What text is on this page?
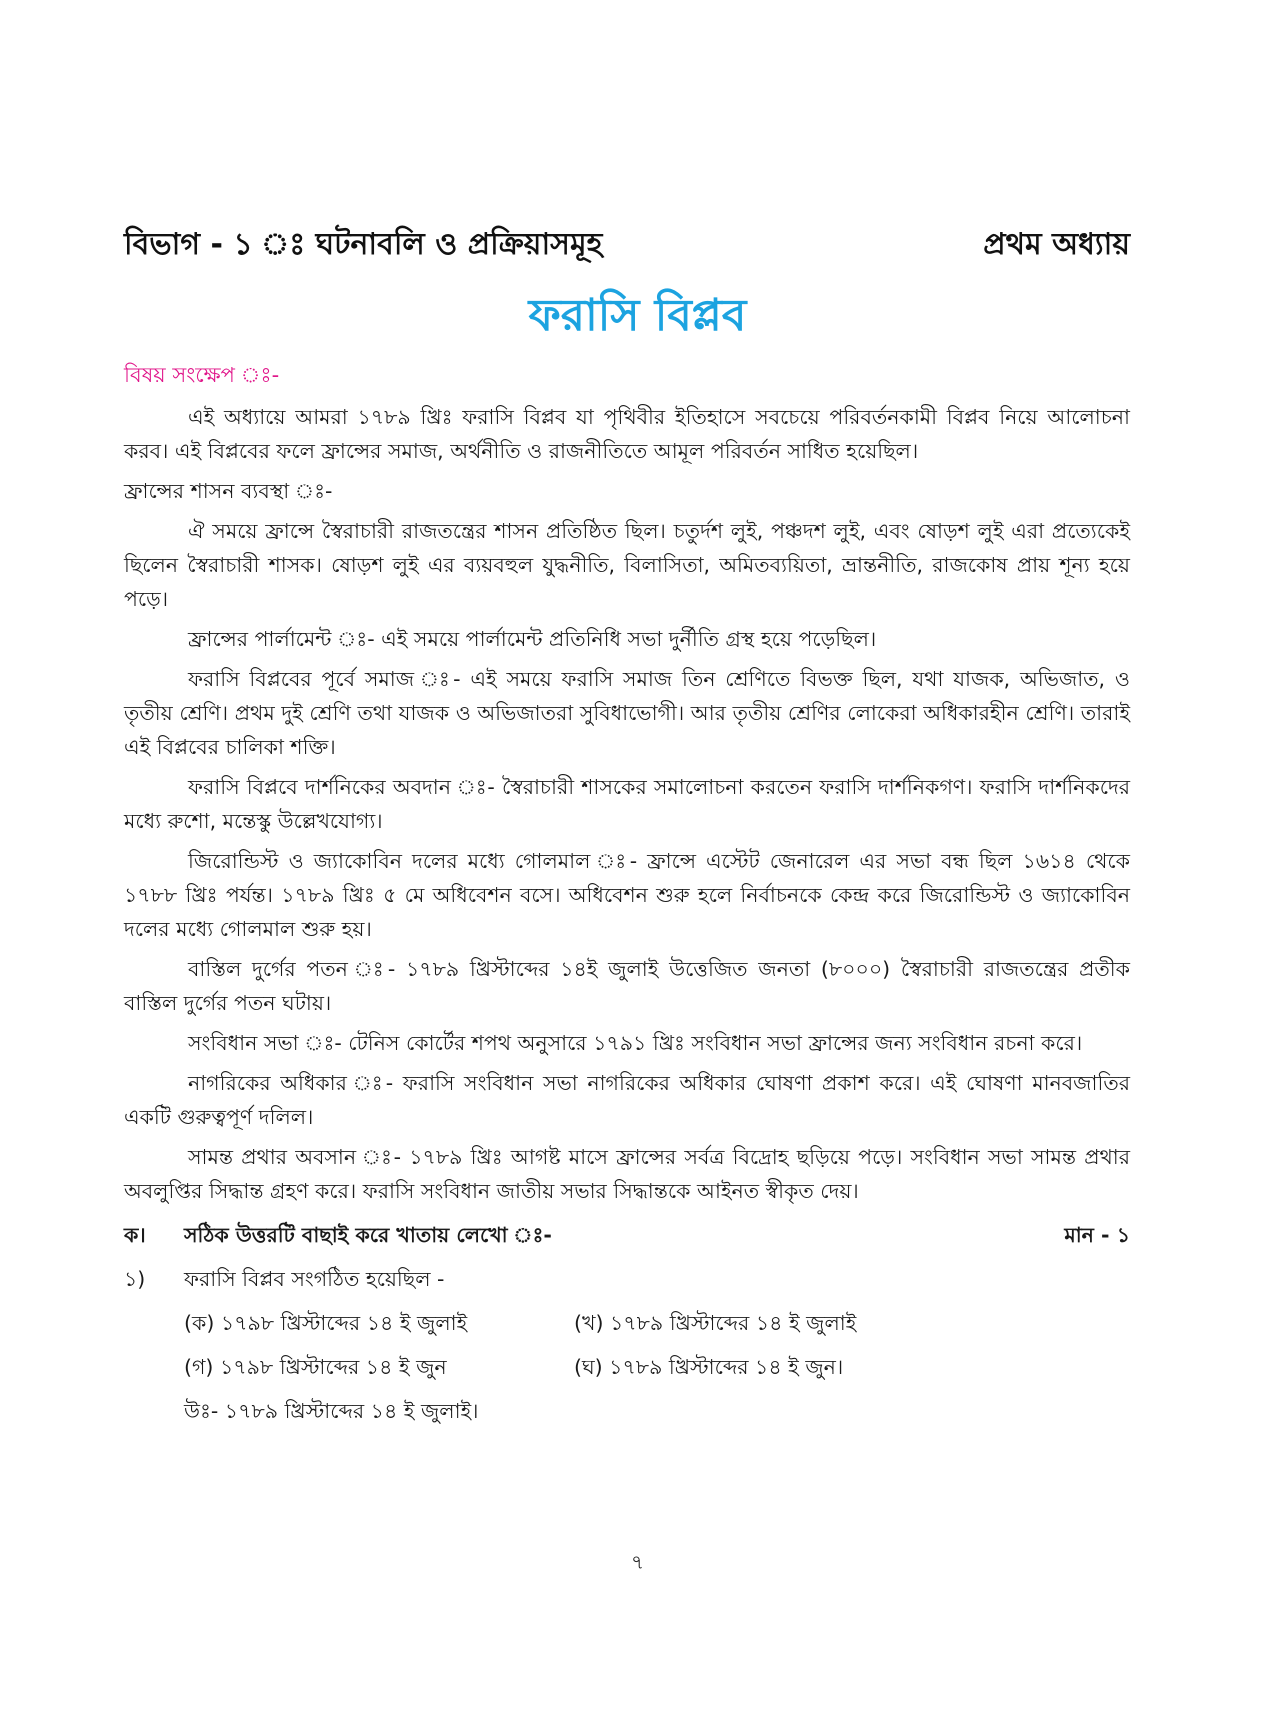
বিভাগ - ১ ঃ ঘটনাবলি ও প্রক্রিয়াসমূহ	প্রথম অধ্যায়
ফরাসি বিপ্লব
বিষয় সংক্ষেপ ঃ-

এই অধ্যায়ে আমরা ১৭৮৯ খ্রিঃ ফরাসি বিপ্লব যা পৃথিবীর ইতিহাসে সবচেয়ে পরিবর্তনকামী বিপ্লব নিয়ে আলোচনা করব। এই বিপ্লবের ফলে ফ্রান্সের সমাজ, অর্থনীতি ও রাজনীতিতে আমূল পরিবর্তন সাধিত হয়েছিল।

ফ্রান্সের শাসন ব্যবস্থা ঃ-

ঐ সময়ে ফ্রান্সে স্বৈরাচারী রাজতন্ত্রের শাসন প্রতিষ্ঠিত ছিল। চতুর্দশ লুই, পঞ্চদশ লুই, এবং ষোড়শ লুই এরা প্রত্যেকেই ছিলেন স্বৈরাচারী শাসক। ষোড়শ লুই এর ব্যয়বহুল যুদ্ধনীতি, বিলাসিতা, অমিতব্যয়িতা, ভ্রান্তনীতি, রাজকোষ প্রায় শূন্য হয়ে পড়ে।

ফ্রান্সের পার্লামেন্ট ঃ- এই সময়ে পার্লামেন্ট প্রতিনিধি সভা দুর্নীতি গ্রস্থ হয়ে পড়েছিল।

ফরাসি বিপ্লবের পূর্বে সমাজ ঃ- এই সময়ে ফরাসি সমাজ তিন শ্রেণিতে বিভক্ত ছিল, যথা যাজক, অভিজাত, ও তৃতীয় শ্রেণি। প্রথম দুই শ্রেণি তথা যাজক ও অভিজাতরা সুবিধাভোগী। আর তৃতীয় শ্রেণির লোকেরা অধিকারহীন শ্রেণি। তারাই এই বিপ্লবের চালিকা শক্তি।

ফরাসি বিপ্লবে দার্শনিকের অবদান ঃ- স্বৈরাচারী শাসকের সমালোচনা করতেন ফরাসি দার্শনিকগণ। ফরাসি দার্শনিকদের মধ্যে রুশো, মন্তেস্কু উল্লেখযোগ্য।

জিরোন্ডিস্ট ও জ্যাকোবিন দলের মধ্যে গোলমাল ঃ- ফ্রান্সে এস্টেট জেনারেল এর সভা বন্ধ ছিল ১৬১৪ থেকে ১৭৮৮ খ্রিঃ পর্যন্ত। ১৭৮৯ খ্রিঃ ৫ মে অধিবেশন বসে। অধিবেশন শুরু হলে নির্বাচনকে কেন্দ্র করে জিরোন্ডিস্ট ও জ্যাকোবিন দলের মধ্যে গোলমাল শুরু হয়।

বাস্তিল দুর্গের পতন ঃ- ১৭৮৯ খ্রিস্টাব্দের ১৪ই জুলাই উত্তেজিত জনতা (৮০০০) স্বৈরাচারী রাজতন্ত্রের প্রতীক বাস্তিল দুর্গের পতন ঘটায়।

সংবিধান সভা ঃ- টেনিস কোর্টের শপথ অনুসারে ১৭৯১ খ্রিঃ সংবিধান সভা ফ্রান্সের জন্য সংবিধান রচনা করে।

নাগরিকের অধিকার ঃ- ফরাসি সংবিধান সভা নাগরিকের অধিকার ঘোষণা প্রকাশ করে। এই ঘোষণা মানবজাতির একটি গুরুত্বপূর্ণ দলিল।

সামন্ত প্রথার অবসান ঃ- ১৭৮৯ খ্রিঃ আগষ্ট মাসে ফ্রান্সের সর্বত্র বিদ্রোহ ছড়িয়ে পড়ে। সংবিধান সভা সামন্ত প্রথার অবলুপ্তির সিদ্ধান্ত গ্রহণ করে। ফরাসি সংবিধান জাতীয় সভার সিদ্ধান্তকে আইনত স্বীকৃত দেয়।

ক।	সঠিক উত্তরটি বাছাই করে খাতায় লেখো ঃ-	মান - ১
১)	ফরাসি বিপ্লব সংগঠিত হয়েছিল -
(ক) ১৭৯৮ খ্রিস্টাব্দের ১৪ ই জুলাই	(খ) ১৭৮৯ খ্রিস্টাব্দের ১৪ ই জুলাই
(গ) ১৭৯৮ খ্রিস্টাব্দের ১৪ ই জুন	(ঘ) ১৭৮৯ খ্রিস্টাব্দের ১৪ ই জুন।
উঃ- ১৭৮৯ খ্রিস্টাব্দের ১৪ ই জুলাই।
৭
